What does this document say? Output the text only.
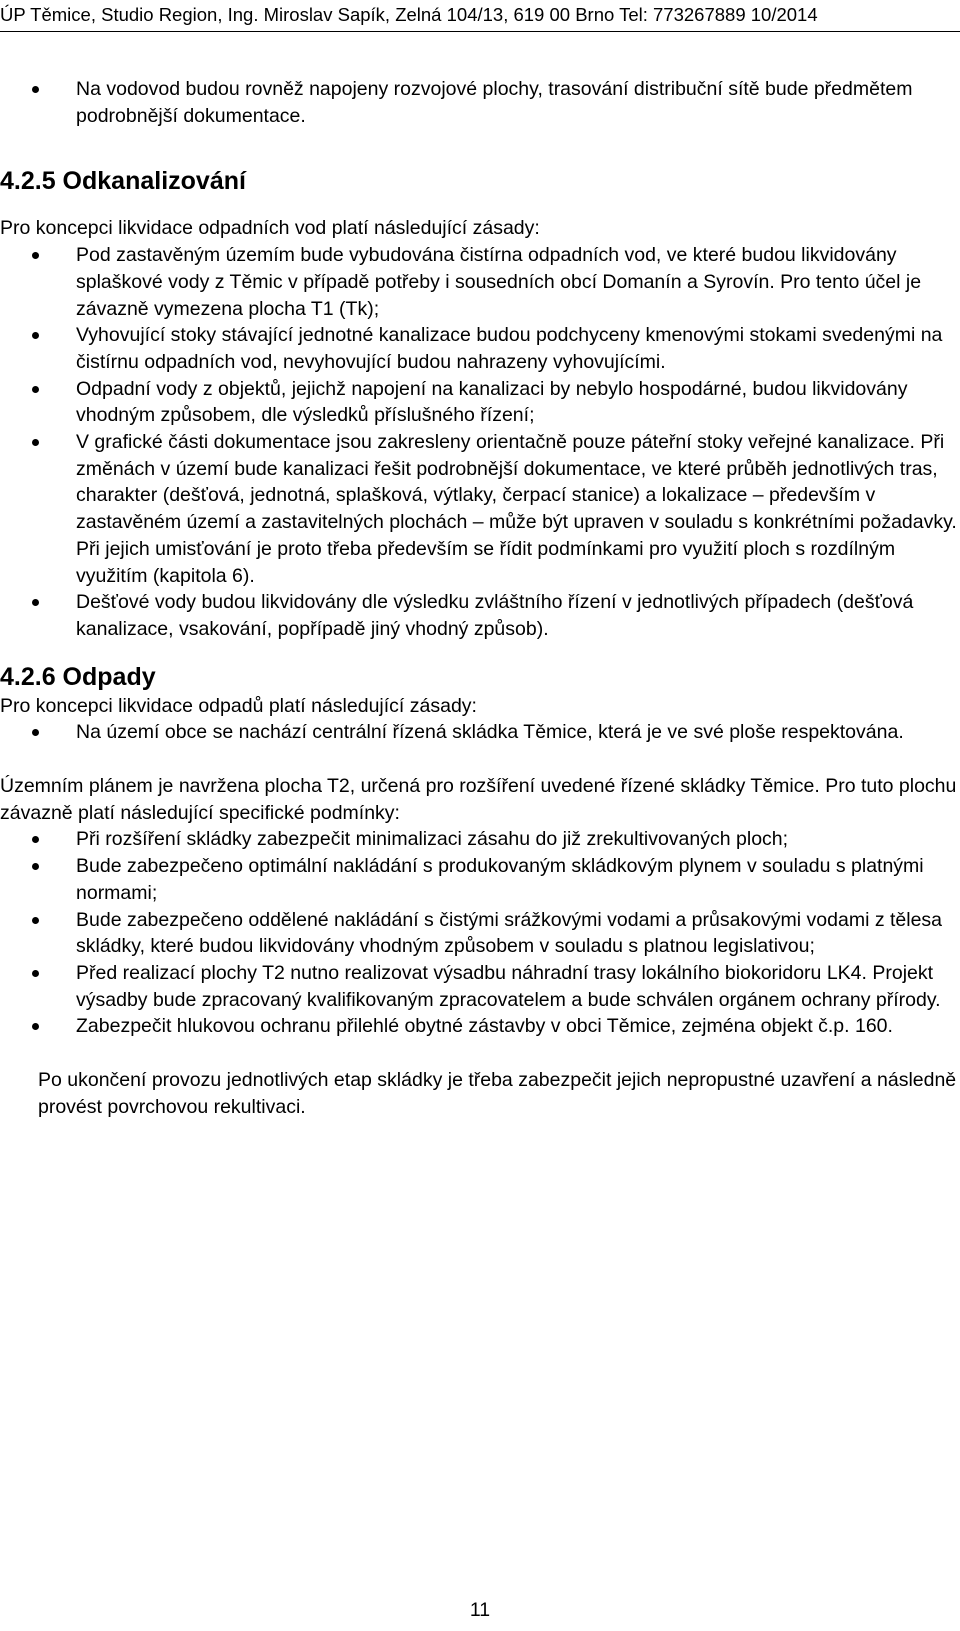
ÚP Těmice, Studio Region, Ing. Miroslav Sapík, Zelná 104/13, 619 00 Brno Tel: 773267889 10/2014
Na vodovod budou rovněž napojeny rozvojové plochy, trasování distribuční sítě bude předmětem podrobnější dokumentace.
4.2.5 Odkanalizování

Pro koncepci likvidace odpadních vod platí následující zásady:

Pod zastavěným územím bude vybudována čistírna odpadních vod, ve které budou likvidovány splaškové vody z Těmic v případě potřeby i sousedních obcí Domanín a Syrovín. Pro tento účel je závazně vymezena plocha T1 (Tk);
Vyhovující stoky stávající jednotné kanalizace budou podchyceny kmenovými stokami svedenými na čistírnu odpadních vod, nevyhovující budou nahrazeny vyhovujícími.
Odpadní vody z objektů, jejichž napojení na kanalizaci by nebylo hospodárné, budou likvidovány vhodným způsobem, dle výsledků příslušného řízení;
V grafické části dokumentace jsou zakresleny orientačně pouze páteřní stoky veřejné kanalizace. Při změnách v území bude kanalizaci řešit podrobnější dokumentace, ve které průběh jednotlivých tras, charakter (dešťová, jednotná, splašková, výtlaky, čerpací stanice) a lokalizace – především v zastavěném území a zastavitelných plochách – může být upraven v souladu s konkrétními požadavky. Při jejich umisťování je proto třeba především se řídit podmínkami pro využití ploch s rozdílným využitím (kapitola 6).
Dešťové vody budou likvidovány dle výsledku zvláštního řízení v jednotlivých případech (dešťová kanalizace, vsakování, popřípadě jiný vhodný způsob).
4.2.6 Odpady

Pro koncepci likvidace odpadů platí následující zásady:

Na území obce se nachází centrální řízená skládka Těmice, která je ve své ploše respektována.

Územním plánem je navržena plocha T2, určená pro rozšíření uvedené řízené skládky Těmice. Pro tuto plochu závazně platí následující specifické podmínky:

Při rozšíření skládky zabezpečit minimalizaci zásahu do již zrekultivovaných ploch;
Bude zabezpečeno optimální nakládání s produkovaným skládkovým plynem v souladu s platnými normami;
Bude zabezpečeno oddělené nakládání s čistými srážkovými vodami a průsakovými vodami z tělesa skládky, které budou likvidovány vhodným způsobem v souladu s platnou legislativou;
Před realizací plochy T2 nutno realizovat výsadbu náhradní trasy lokálního biokoridoru LK4. Projekt výsadby bude zpracovaný kvalifikovaným zpracovatelem a bude schválen orgánem ochrany přírody.
Zabezpečit hlukovou ochranu přilehlé obytné zástavby v obci Těmice, zejména objekt č.p. 160.

Po ukončení provozu jednotlivých etap skládky je třeba zabezpečit jejich nepropustné uzavření a následně provést povrchovou rekultivaci.

11
